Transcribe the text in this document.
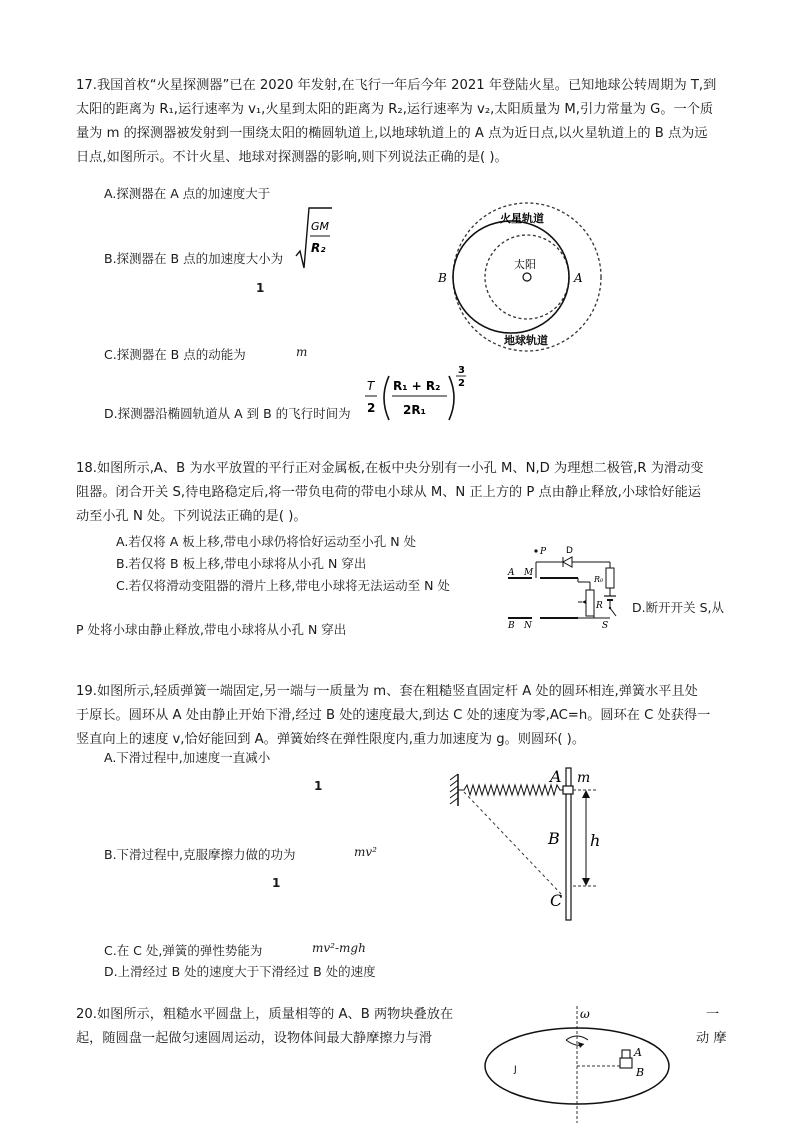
17.我国首枚“火星探测器”已在 2020 年发射,在飞行一年后今年 2021 年登陆火星。已知地球公转周期为 T,到
太阳的距离为 R₁,运行速率为 v₁,火星到太阳的距离为 R₂,运行速率为 v₂,太阳质量为 M,引力常量为 G。一个质
量为 m 的探测器被发射到一围绕太阳的椭圆轨道上,以地球轨道上的 A 点为近日点,以火星轨道上的 B 点为远
日点,如图所示。不计火星、地球对探测器的影响,则下列说法正确的是( )。
A.探测器在 A 点的加速度大于
B.探测器在 B 点的加速度大小为
GM
R₂
1
C.探测器在 B 点的动能为	m
D.探测器沿椭圆轨道从 A 到 B 的飞行时间为
T
2
R₁ + R₂
2R₁
3
2
太阳
火星轨道
地球轨道
B	A
18.如图所示,A、B 为水平放置的平行正对金属板,在板中央分别有一小孔 M、N,D 为理想二极管,R 为滑动变
阻器。闭合开关 S,待电路稳定后,将一带负电荷的带电小球从 M、N 正上方的 P 点由静止释放,小球恰好能运
动至小孔 N 处。下列说法正确的是( )。
A.若仅将 A 板上移,带电小球仍将恰好运动至小孔 N 处
B.若仅将 B 板上移,带电小球将从小孔 N 穿出
C.若仅将滑动变阻器的滑片上移,带电小球将无法运动至 N 处
D.断开开关 S,从
P 处将小球由静止释放,带电小球将从小孔 N 穿出
P D
A M
B N
R
R₀
S
19.如图所示,轻质弹簧一端固定,另一端与一质量为 m、套在粗糙竖直固定杆 A 处的圆环相连,弹簧水平且处
于原长。圆环从 A 处由静止开始下滑,经过 B 处的速度最大,到达 C 处的速度为零,AC=h。圆环在 C 处获得一
竖直向上的速度 v,恰好能回到 A。弹簧始终在弹性限度内,重力加速度为 g。则圆环( )。
A.下滑过程中,加速度一直减小
1
B.下滑过程中,克服摩擦力做的功为	mv²
1
C.在 C 处,弹簧的弹性势能为	mv²-mgh
D.上滑经过 B 处的速度大于下滑经过 B 处的速度
A m
B h
C
20.如图所示，粗糙水平圆盘上，质量相等的 A、B 两物块叠放在	一
起，随圆盘一起做匀速圆周运动，设物体间最大静摩擦力与滑	动 摩
ω
A
B
J
